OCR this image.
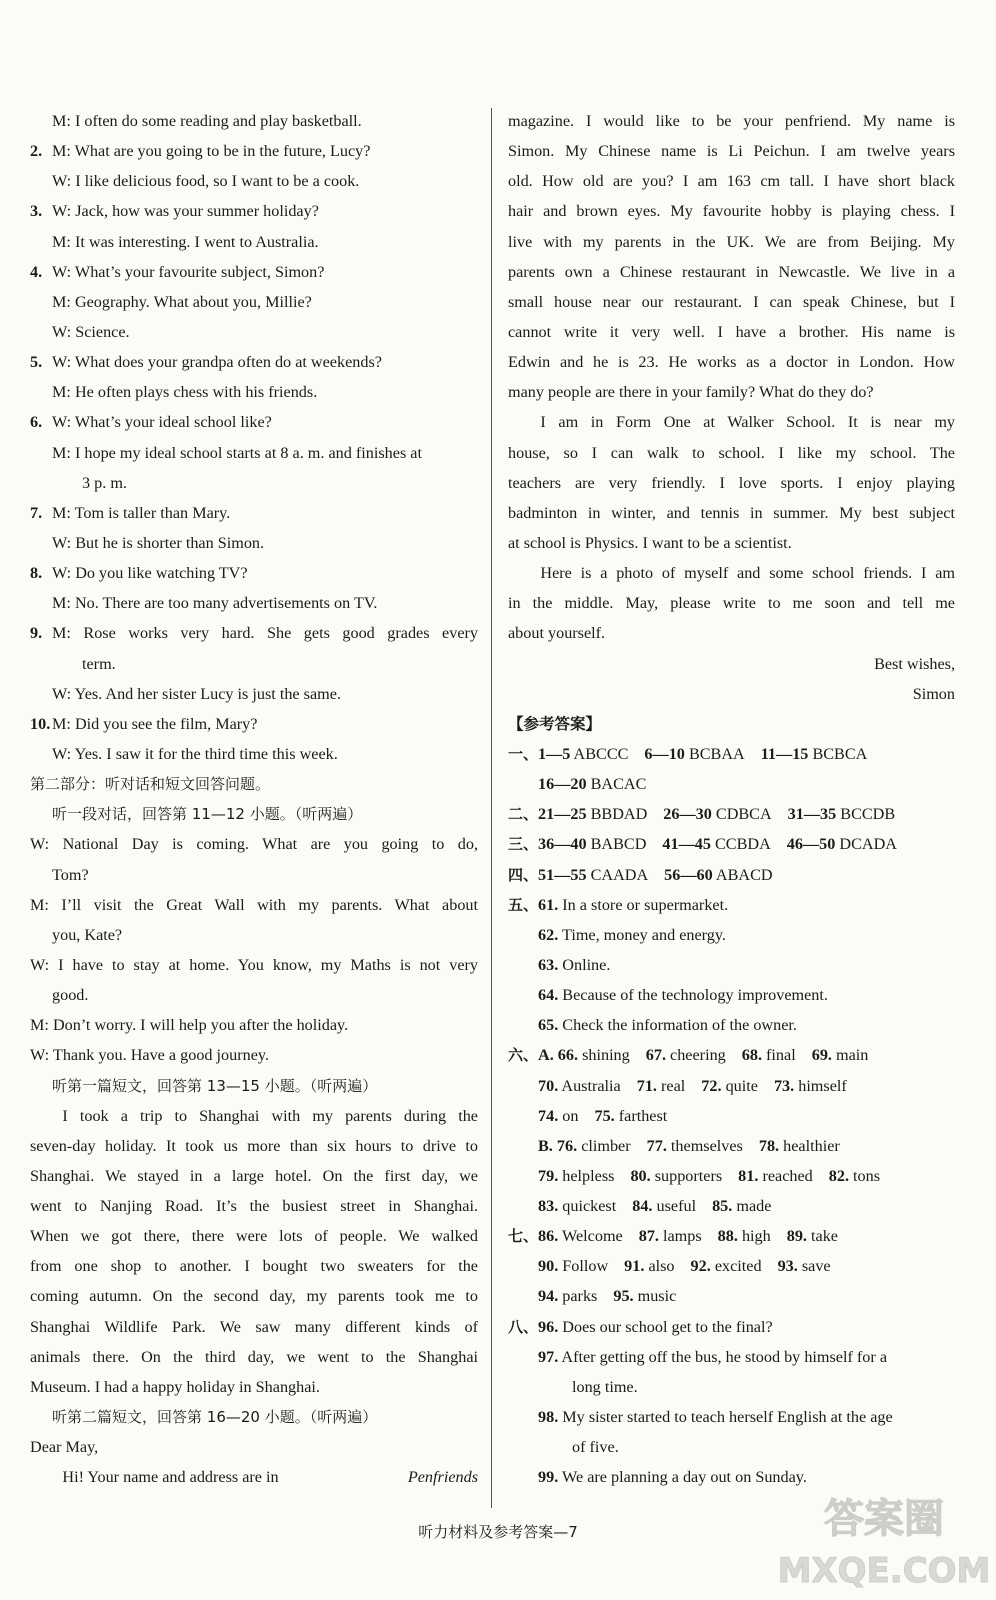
M: I often do some reading and play basketball.
2. M: What are you going to be in the future, Lucy?
W: I like delicious food, so I want to be a cook.
3. W: Jack, how was your summer holiday?
M: It was interesting. I went to Australia.
4. W: What’s your favourite subject, Simon?
M: Geography. What about you, Millie?
W: Science.
5. W: What does your grandpa often do at weekends?
M: He often plays chess with his friends.
6. W: What’s your ideal school like?
M: I hope my ideal school starts at 8 a. m. and finishes at
3 p. m.
7. M: Tom is taller than Mary.
W: But he is shorter than Simon.
8. W: Do you like watching TV?
M: No. There are too many advertisements on TV.
9. M: Rose works very hard. She gets good grades every
term.
W: Yes. And her sister Lucy is just the same.
10. M: Did you see the film, Mary?
W: Yes. I saw it for the third time this week.
第二部分：听对话和短文回答问题。
听一段对话，回答第 11—12 小题。（听两遍）
W: National Day is coming. What are you going to do,
Tom?
M: I’ll visit the Great Wall with my parents. What about
you, Kate?
W: I have to stay at home. You know, my Maths is not very
good.
M: Don’t worry. I will help you after the holiday.
W: Thank you. Have a good journey.
听第一篇短文，回答第 13—15 小题。（听两遍）
I took a trip to Shanghai with my parents during the
seven-day holiday. It took us more than six hours to drive to
Shanghai. We stayed in a large hotel. On the first day, we
went to Nanjing Road. It’s the busiest street in Shanghai.
When we got there, there were lots of people. We walked
from one shop to another. I bought two sweaters for the
coming autumn. On the second day, my parents took me to
Shanghai Wildlife Park. We saw many different kinds of
animals there. On the third day, we went to the Shanghai
Museum. I had a happy holiday in Shanghai.
听第二篇短文，回答第 16—20 小题。（听两遍）
Dear May,
Hi! Your name and address are in	Penfriends
magazine. I would like to be your penfriend. My name is
Simon. My Chinese name is Li Peichun. I am twelve years
old. How old are you? I am 163 cm tall. I have short black
hair and brown eyes. My favourite hobby is playing chess. I
live with my parents in the UK. We are from Beijing. My
parents own a Chinese restaurant in Newcastle. We live in a
small house near our restaurant. I can speak Chinese, but I
cannot write it very well. I have a brother. His name is
Edwin and he is 23. He works as a doctor in London. How
many people are there in your family? What do they do?
I am in Form One at Walker School. It is near my
house, so I can walk to school. I like my school. The
teachers are very friendly. I love sports. I enjoy playing
badminton in winter, and tennis in summer. My best subject
at school is Physics. I want to be a scientist.
Here is a photo of myself and some school friends. I am
in the middle. May, please write to me soon and tell me
about yourself.
Best wishes,
Simon
【参考答案】
一、1—5 ABCCC 6—10 BCBAA 11—15 BCBCA
16—20 BACAC
二、21—25 BBDAD 26—30 CDBCA 31—35 BCCDB
三、36—40 BABCD 41—45 CCBDA 46—50 DCADA
四、51—55 CAADA 56—60 ABACD
五、61. In a store or supermarket.
62. Time, money and energy.
63. Online.
64. Because of the technology improvement.
65. Check the information of the owner.
六、A. 66. shining 67. cheering 68. final 69. main
70. Australia 71. real 72. quite 73. himself
74. on 75. farthest
B. 76. climber 77. themselves 78. healthier
79. helpless 80. supporters 81. reached 82. tons
83. quickest 84. useful 85. made
七、86. Welcome 87. lamps 88. high 89. take
90. Follow 91. also 92. excited 93. save
94. parks 95. music
八、96. Does our school get to the final?
97. After getting off the bus, he stood by himself for a
long time.
98. My sister started to teach herself English at the age
of five.
99. We are planning a day out on Sunday.
听力材料及参考答案—7	答案圈
MXQE.COM
